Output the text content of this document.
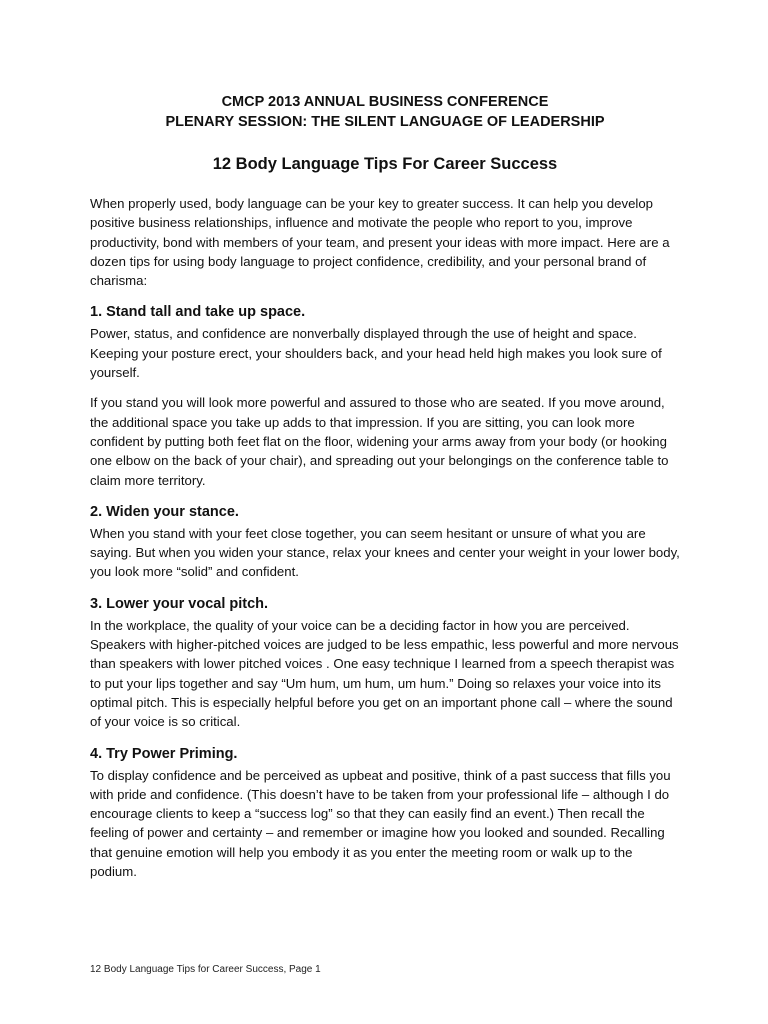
CMCP 2013 ANNUAL BUSINESS CONFERENCE
PLENARY SESSION: THE SILENT LANGUAGE OF LEADERSHIP
12 Body Language Tips For Career Success

When properly used, body language can be your key to greater success. It can help you develop positive business relationships, influence and motivate the people who report to you, improve productivity, bond with members of your team, and present your ideas with more impact. Here are a dozen tips for using body language to project confidence, credibility, and your personal brand of charisma:

1. Stand tall and take up space.

Power, status, and confidence are nonverbally displayed through the use of height and space. Keeping your posture erect, your shoulders back, and your head held high makes you look sure of yourself.

If you stand you will look more powerful and assured to those who are seated. If you move around, the additional space you take up adds to that impression. If you are sitting, you can look more confident by putting both feet flat on the floor, widening your arms away from your body (or hooking one elbow on the back of your chair), and spreading out your belongings on the conference table to claim more territory.

2. Widen your stance.

When you stand with your feet close together, you can seem hesitant or unsure of what you are saying. But when you widen your stance, relax your knees and center your weight in your lower body, you look more “solid” and confident.

3. Lower your vocal pitch.

In the workplace, the quality of your voice can be a deciding factor in how you are perceived. Speakers with higher-pitched voices are judged to be less empathic, less powerful and more nervous than speakers with lower pitched voices . One easy technique I learned from a speech therapist was to put your lips together and say “Um hum, um hum, um hum.” Doing so relaxes your voice into its optimal pitch. This is especially helpful before you get on an important phone call – where the sound of your voice is so critical.

4. Try Power Priming.

To display confidence and be perceived as upbeat and positive, think of a past success that fills you with pride and confidence. (This doesn’t have to be taken from your professional life – although I do encourage clients to keep a “success log” so that they can easily find an event.) Then recall the feeling of power and certainty – and remember or imagine how you looked and sounded. Recalling that genuine emotion will help you embody it as you enter the meeting room or walk up to the podium.

12 Body Language Tips for Career Success, Page 1
